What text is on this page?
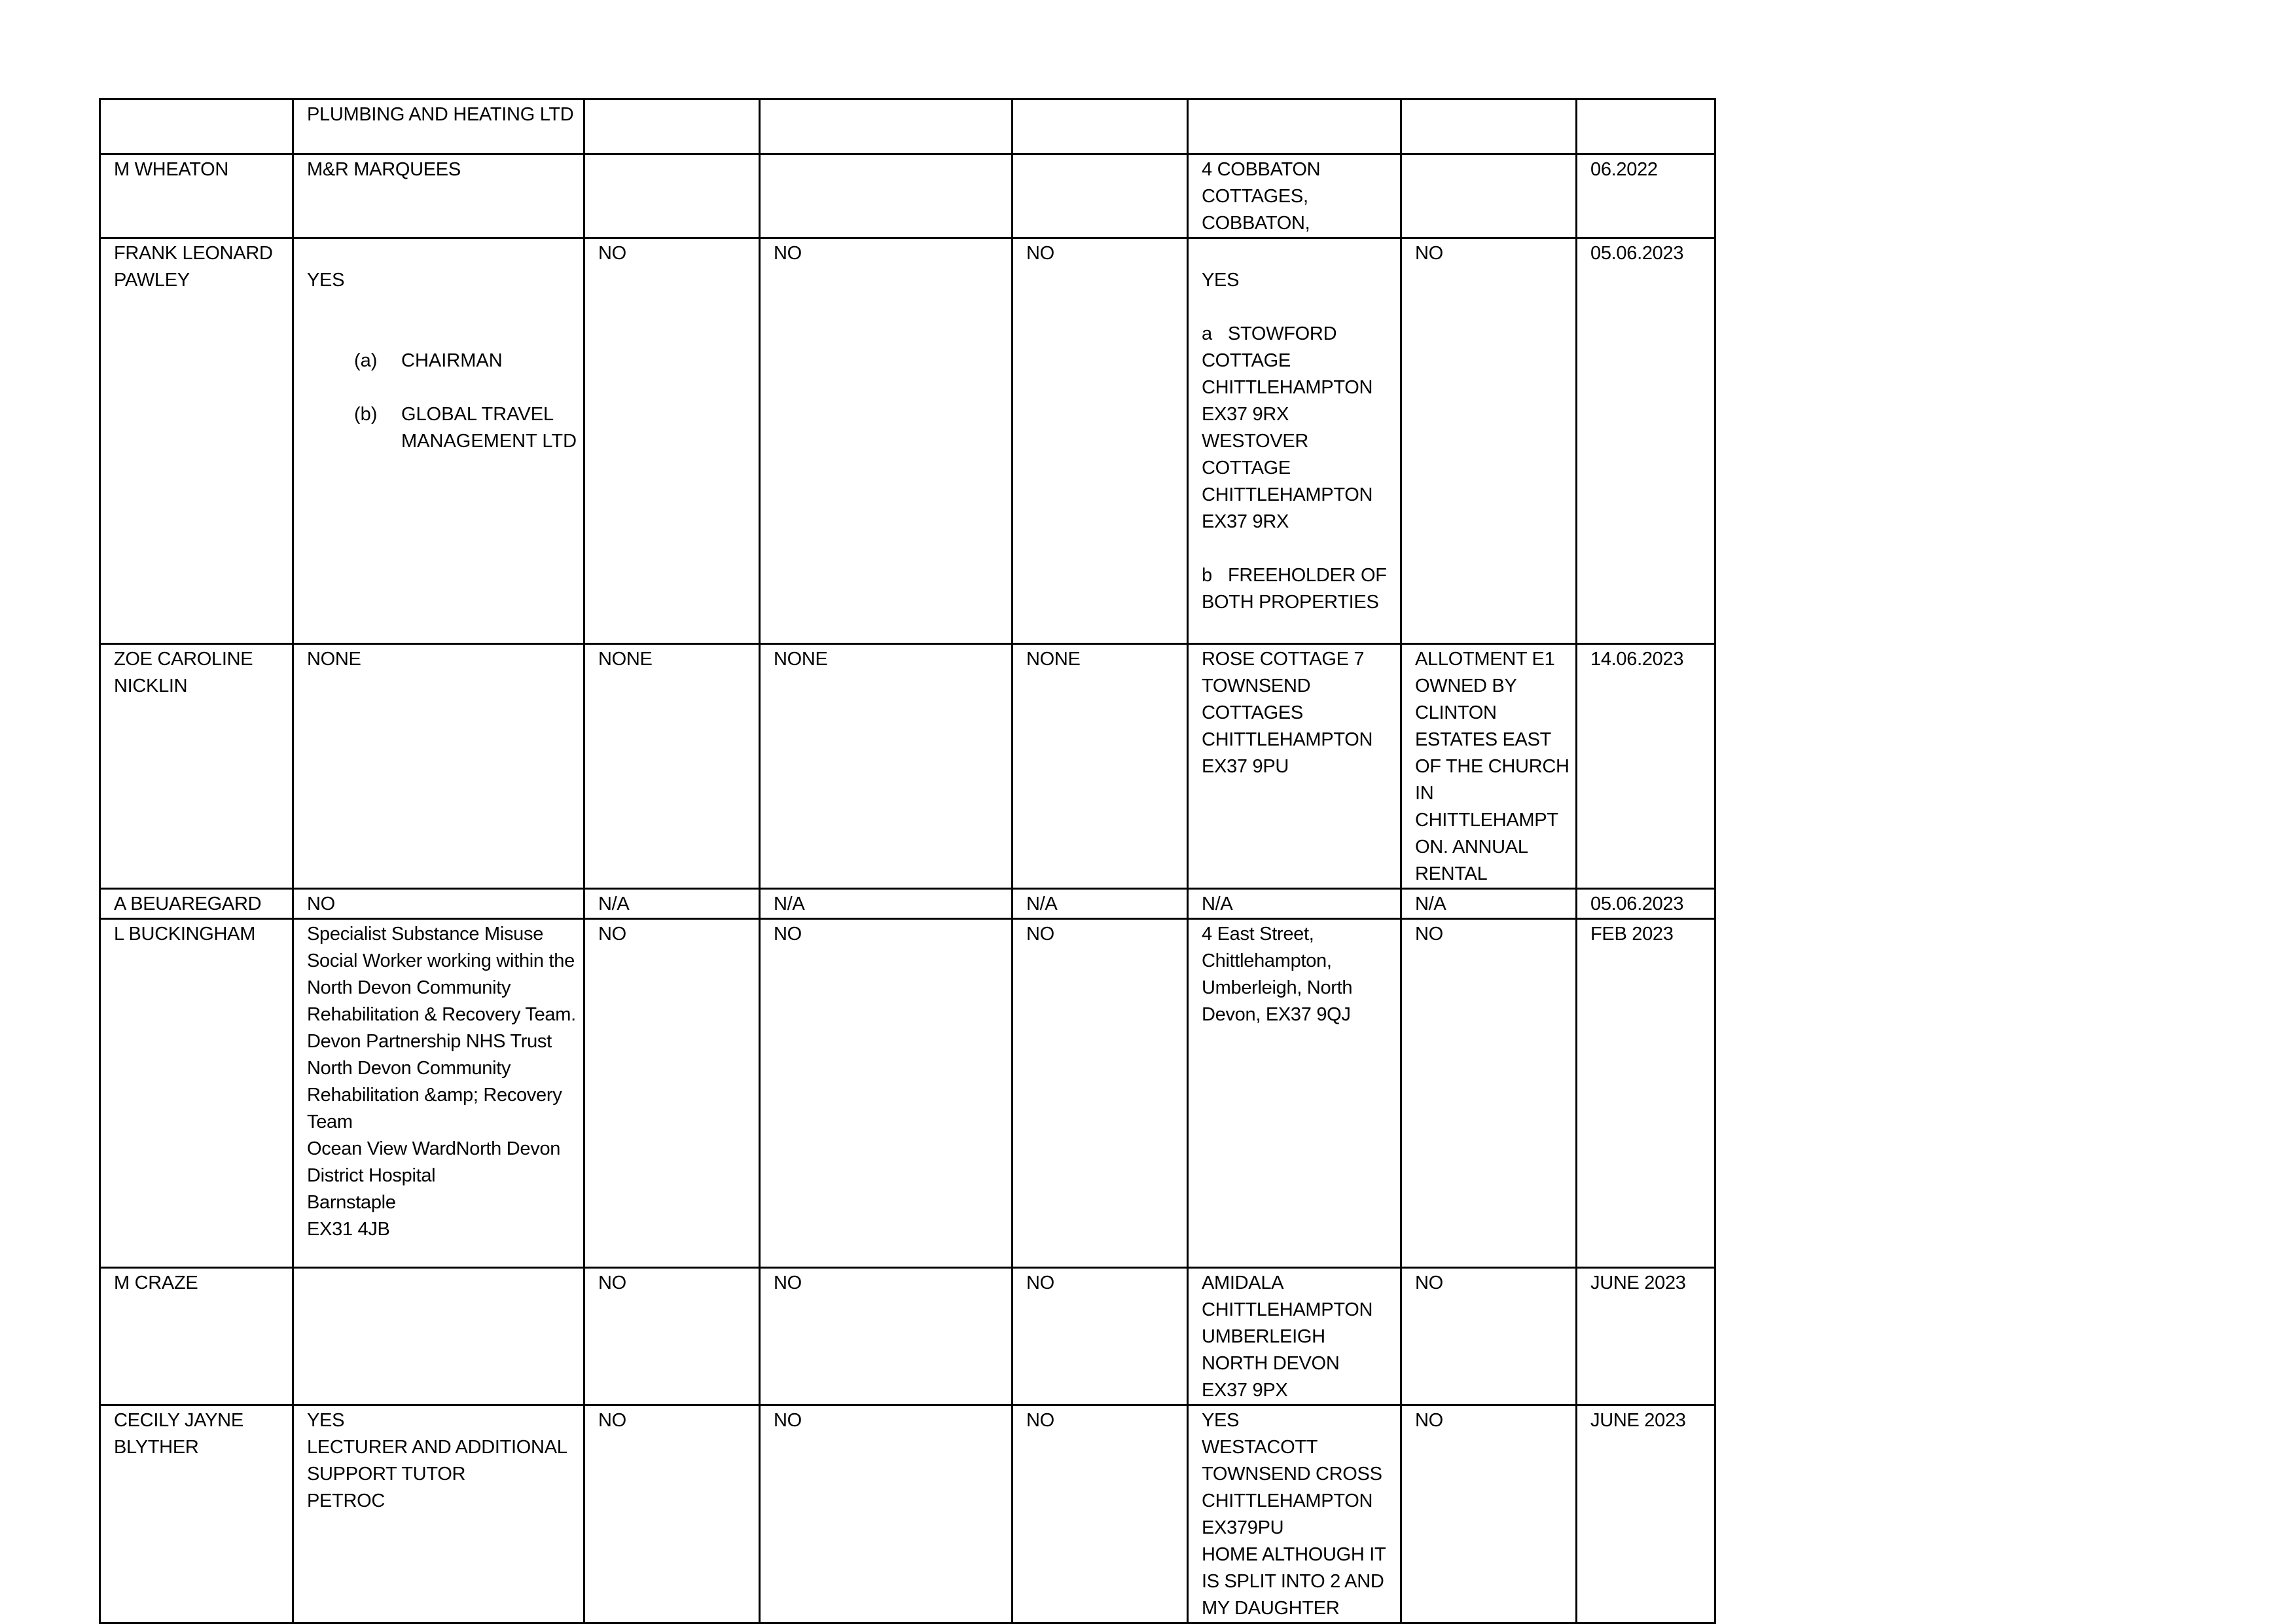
	PLUMBING AND HEATING LTD						

M WHEATON	M&R MARQUEES				4 COBBATON COTTAGES, COBBATON,		06.2022

FRANK LEONARD PAWLEY	YES

(a) CHAIRMAN

(b) GLOBAL TRAVEL MANAGEMENT LTD	NO	NO	NO	YES

a STOWFORD COTTAGE CHITTLEHAMPTON EX37 9RX
WESTOVER COTTAGE CHITTLEHAMPTON EX37 9RX

b FREEHOLDER OF BOTH PROPERTIES	NO	05.06.2023

ZOE CAROLINE NICKLIN	NONE	NONE	NONE	NONE	ROSE COTTAGE 7 TOWNSEND COTTAGES CHITTLEHAMPTON EX37 9PU	ALLOTMENT E1 OWNED BY CLINTON ESTATES EAST OF THE CHURCH IN CHITTLEHAMPTON. ANNUAL RENTAL	14.06.2023

A BEUAREGARD	NO	N/A	N/A	N/A	N/A	N/A	05.06.2023

L BUCKINGHAM	Specialist Substance Misuse Social Worker working within the North Devon Community Rehabilitation & Recovery Team.
Devon Partnership NHS Trust North Devon Community Rehabilitation &amp; Recovery Team
Ocean View WardNorth Devon District Hospital
Barnstaple
EX31 4JB	NO	NO	NO	4 East Street, Chittlehampton, Umberleigh, North Devon, EX37 9QJ	NO	FEB 2023

M CRAZE		NO	NO	NO	AMIDALA
CHITTLEHAMPTON
UMBERLEIGH
NORTH DEVON
EX37 9PX	NO	JUNE 2023

CECILY JAYNE BLYTHER	YES
LECTURER AND ADDITIONAL SUPPORT TUTOR
PETROC	NO	NO	NO	YES
WESTACOTT TOWNSEND CROSS CHITTLEHAMPTON EX379PU
HOME ALTHOUGH IT IS SPLIT INTO 2 AND MY DAUGHTER	NO	JUNE 2023
